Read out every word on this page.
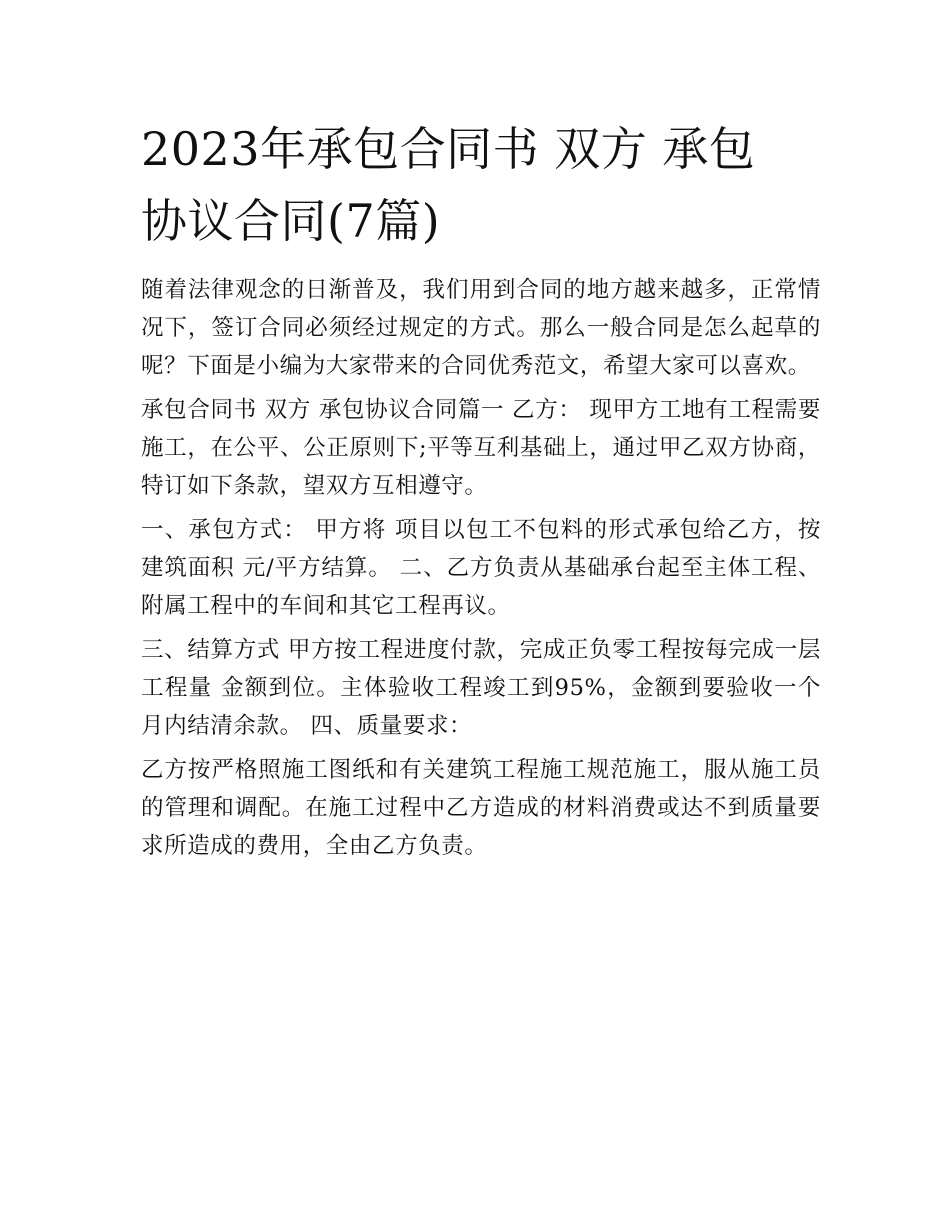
2023年承包合同书 双方 承包
协议合同(7篇)

随着法律观念的日渐普及，我们用到合同的地方越来越多，正常情况下，签订合同必须经过规定的方式。那么一般合同是怎么起草的呢？下面是小编为大家带来的合同优秀范文，希望大家可以喜欢。

承包合同书 双方 承包协议合同篇一 乙方： 现甲方工地有工程需要施工，在公平、公正原则下;平等互利基础上，通过甲乙双方协商，特订如下条款，望双方互相遵守。

一、承包方式： 甲方将 项目以包工不包料的形式承包给乙方，按建筑面积 元/平方结算。 二、乙方负责从基础承台起至主体工程、附属工程中的车间和其它工程再议。

三、结算方式 甲方按工程进度付款，完成正负零工程按每完成一层工程量 金额到位。主体验收工程竣工到95%，金额到要验收一个月内结清余款。 四、质量要求：

乙方按严格照施工图纸和有关建筑工程施工规范施工，服从施工员的管理和调配。在施工过程中乙方造成的材料消费或达不到质量要求所造成的费用，全由乙方负责。
